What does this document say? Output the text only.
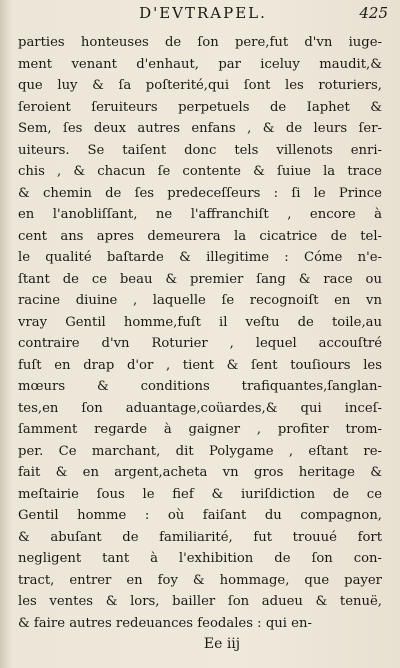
D'EVTRAPEL.	425
parties honteuses de ſon pere,fut d'vn iuge-
ment venant d'enhaut, par iceluy maudit,&
que luy & ſa poſterité,qui ſont les roturiers,
ſeroient ſeruiteurs perpetuels de Iaphet &
Sem, ſes deux autres enfans , & de leurs ſer-
uiteurs. Se taiſent donc tels villenots enri-
chis , & chacun ſe contente & ſuiue la trace
& chemin de ſes predeceſſeurs : ſi le Prince
en l'anobliſſant, ne l'affranchiſt , encore à
cent ans apres demeurera la cicatrice de tel-
le qualité baſtarde & illegitime : Cóme n'e-
ſtant de ce beau & premier ſang & race ou
racine diuine , laquelle ſe recognoiſt en vn
vray Gentil homme,fuſt il veſtu de toile,au
contraire d'vn Roturier , lequel accouſtré
fuſt en drap d'or , tient & ſent touſiours les
mœurs & conditions trafiquantes,ſanglan-
tes,en ſon aduantage,coüardes,& qui inceſ-
ſamment regarde à gaigner , profiter trom-
per. Ce marchant, dit Polygame , eſtant re-
fait & en argent,acheta vn gros heritage &
meſtairie ſous le fief & iuriſdiction de ce
Gentil homme : où faiſant du compagnon,
& abuſant de familiarité, fut trouué fort
negligent tant à l'exhibition de ſon con-
tract, entrer en foy & hommage, que payer
les ventes & lors, bailler ſon adueu & tenuë,
& faire autres redeuances feodales : qui en-
Ee iij
